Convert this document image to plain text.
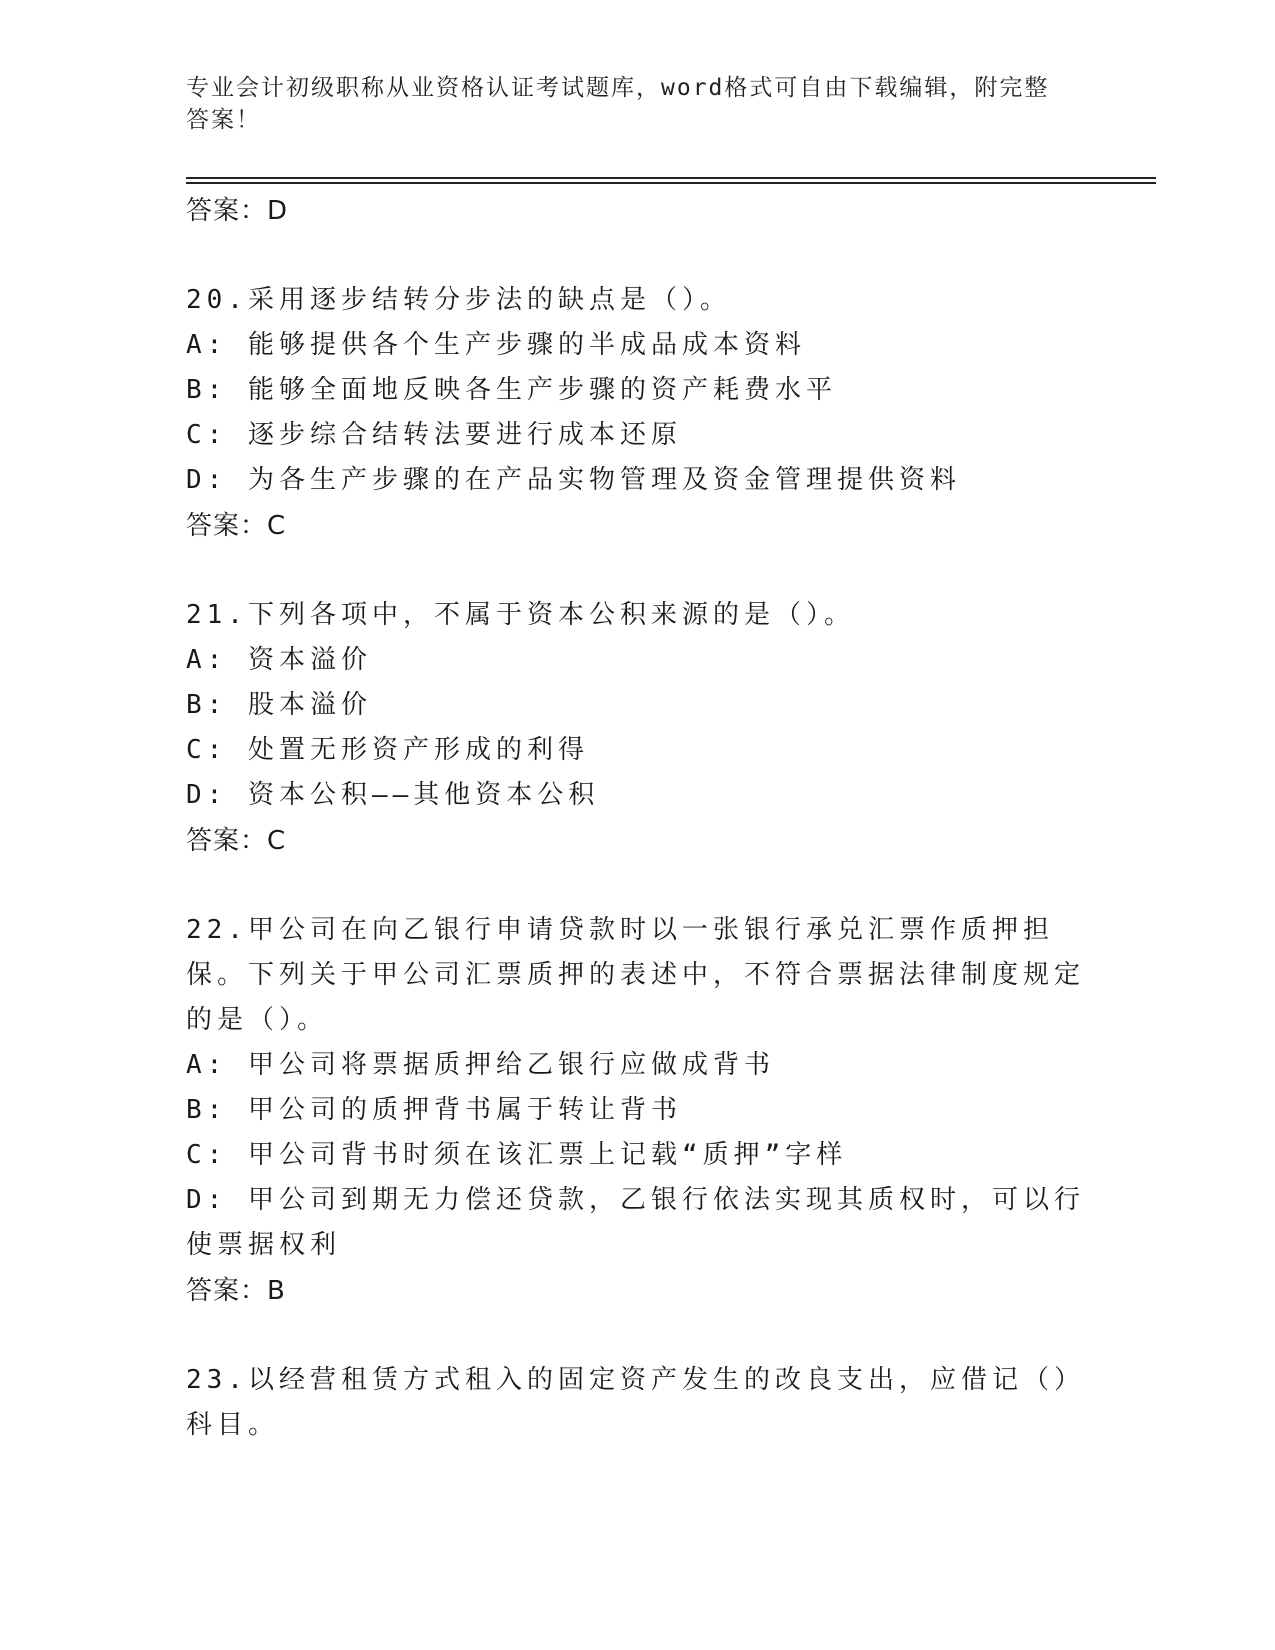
专业会计初级职称从业资格认证考试题库，word格式可自由下载编辑，附完整答案！
答案：D
20.采用逐步结转分步法的缺点是（）。
A: 能够提供各个生产步骤的半成品成本资料
B: 能够全面地反映各生产步骤的资产耗费水平
C: 逐步综合结转法要进行成本还原
D: 为各生产步骤的在产品实物管理及资金管理提供资料
答案：C
21.下列各项中，不属于资本公积来源的是（）。
A: 资本溢价
B: 股本溢价
C: 处置无形资产形成的利得
D: 资本公积——其他资本公积
答案：C
22.甲公司在向乙银行申请贷款时以一张银行承兑汇票作质押担保。下列关于甲公司汇票质押的表述中，不符合票据法律制度规定的是（）。
A: 甲公司将票据质押给乙银行应做成背书
B: 甲公司的质押背书属于转让背书
C: 甲公司背书时须在该汇票上记载“质押”字样
D: 甲公司到期无力偿还贷款，乙银行依法实现其质权时，可以行使票据权利
答案：B
23.以经营租赁方式租入的固定资产发生的改良支出，应借记（）科目。
